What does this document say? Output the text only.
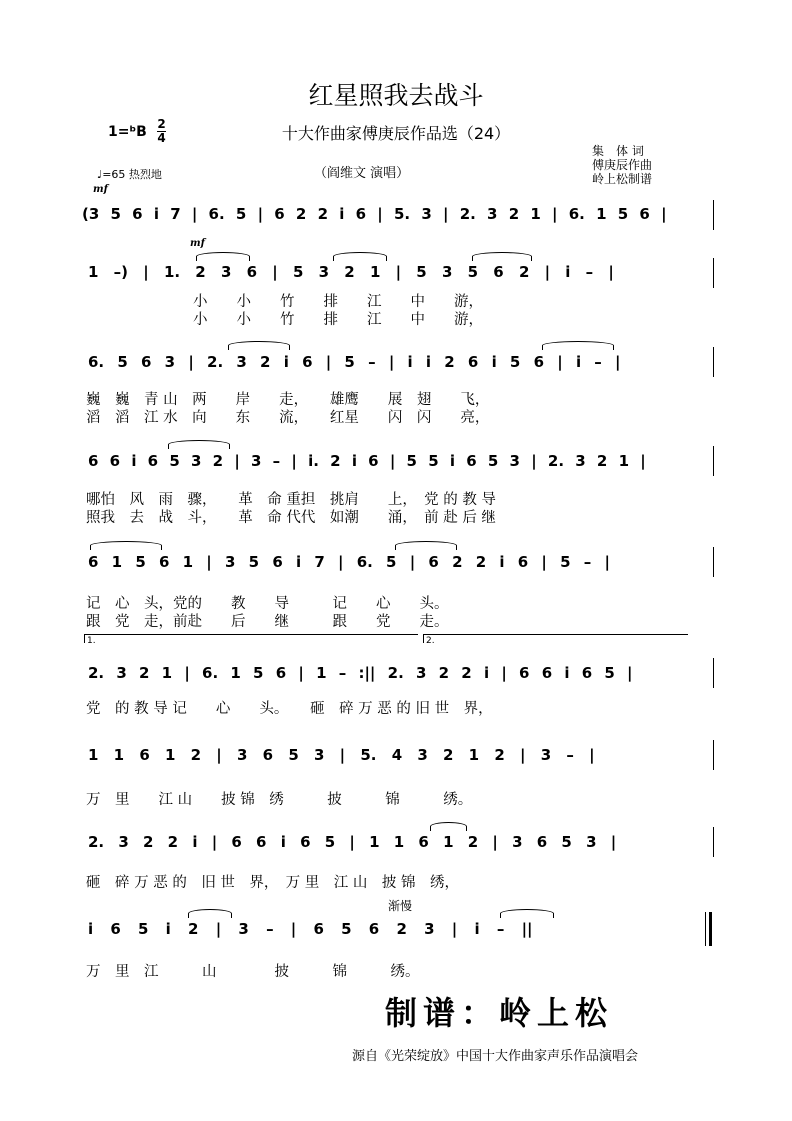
红星照我去战斗
十大作曲家傅庚辰作品选（24）
1=ᵇB 2
4
集　体 词
傅庚辰作曲
岭上松制谱
♩=65 热烈地	（阎维文 演唱）
mf
(3 5 6 i 7 | 6. 5 | 6 2 2 i 6 | 5. 3 | 2. 3 2 1 | 6. 1 5 6 |
mf
1 –) | 1. 2 3 6 | 5 3 2 1 | 5 3 5 6 2 | i – |
小　　小　　竹　　排　　江　　中　　游，
小　　小　　竹　　排　　江　　中　　游，
6. 5 6 3 | 2. 3 2 i 6 | 5 – | i i 2 6 i 5 6 | i – |
巍　巍　青 山　两　　岸　　走，　　雄鹰　　展　翅　　飞，
滔　滔　江 水　向　　东　　流，　　红星　　闪　闪　　亮，
6 6 i 6 5 3 2 | 3 – | i. 2 i 6 | 5 5 i 6 5 3 | 2. 3 2 1 |
哪怕　风　雨　骤，　　革　命 重担　挑肩　　上，　党 的 教 导
照我　去　战　斗，　　革　命 代代　如潮　　涌，　前 赴 后 继
6 1 5 6 1 | 3 5 6 i 7 | 6. 5 | 6 2 2 i 6 | 5 – |
记　心　头，党的　　教　　导　　　记　　心　　头。
跟　党　走，前赴　　后　　继　　　跟　　党　　走。
1.	2.
2. 3 2 1 | 6. 1 5 6 | 1 – :|| 2. 3 2 2 i | 6 6 i 6 5 |
党　的 教 导 记　　心　　头。　　砸　碎 万 恶 的 旧 世　界，
1 1 6 1 2 | 3 6 5 3 | 5. 4 3 2 1 2 | 3 – |
万　里　　江 山　　披 锦　绣　　　披　　　锦　　　绣。
2. 3 2 2 i | 6 6 i 6 5 | 1 1 6 1 2 | 3 6 5 3 |
砸　碎 万 恶 的　旧 世　界，　万 里　江 山　披 锦　绣，
渐慢
i 6 5 i 2 | 3 – | 6 5 6 2 3 | i – ||
万　里　江　　　山　　　　披　　　锦　　　绣。
制谱：岭上松
源自《光荣绽放》中国十大作曲家声乐作品演唱会
